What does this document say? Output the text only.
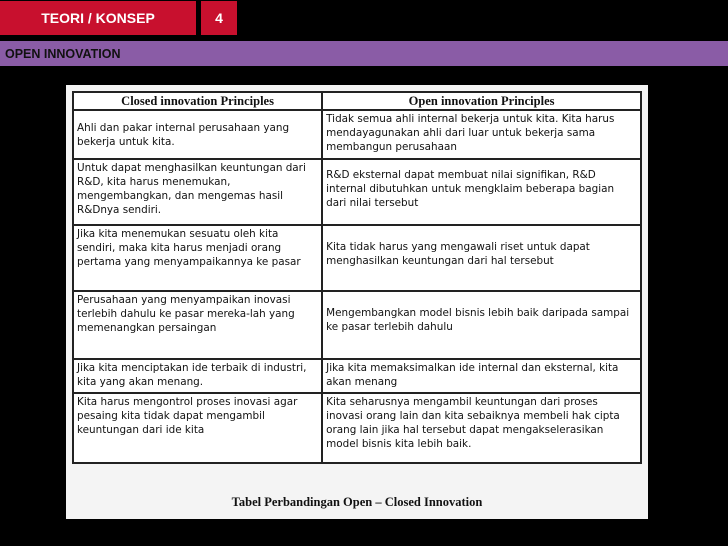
TEORI / KONSEP	4
OPEN INNOVATION
Closed innovation Principles	Open innovation Principles
Ahli dan pakar internal perusahaan yang bekerja untuk kita.	Tidak semua ahli internal bekerja untuk kita. Kita harus mendayagunakan ahli dari luar untuk bekerja sama membangun perusahaan
Untuk dapat menghasilkan keuntungan dari R&D, kita harus menemukan, mengembangkan, dan mengemas hasil R&Dnya sendiri.	R&D eksternal dapat membuat nilai signifikan, R&D internal dibutuhkan untuk mengklaim beberapa bagian dari nilai tersebut
Jika kita menemukan sesuatu oleh kita sendiri, maka kita harus menjadi orang pertama yang menyampaikannya ke pasar	Kita tidak harus yang mengawali riset untuk dapat menghasilkan keuntungan dari hal tersebut
Perusahaan yang menyampaikan inovasi terlebih dahulu ke pasar mereka-lah yang memenangkan persaingan	Mengembangkan model bisnis lebih baik daripada sampai ke pasar terlebih dahulu
Jika kita menciptakan ide terbaik di industri, kita yang akan menang.	Jika kita memaksimalkan ide internal dan eksternal, kita akan menang
Kita harus mengontrol proses inovasi agar pesaing kita tidak dapat mengambil keuntungan dari ide kita	Kita seharusnya mengambil keuntungan dari proses inovasi orang lain dan kita sebaiknya membeli hak cipta orang lain jika hal tersebut dapat mengakselerasikan model bisnis kita lebih baik.
Tabel Perbandingan Open – Closed Innovation
